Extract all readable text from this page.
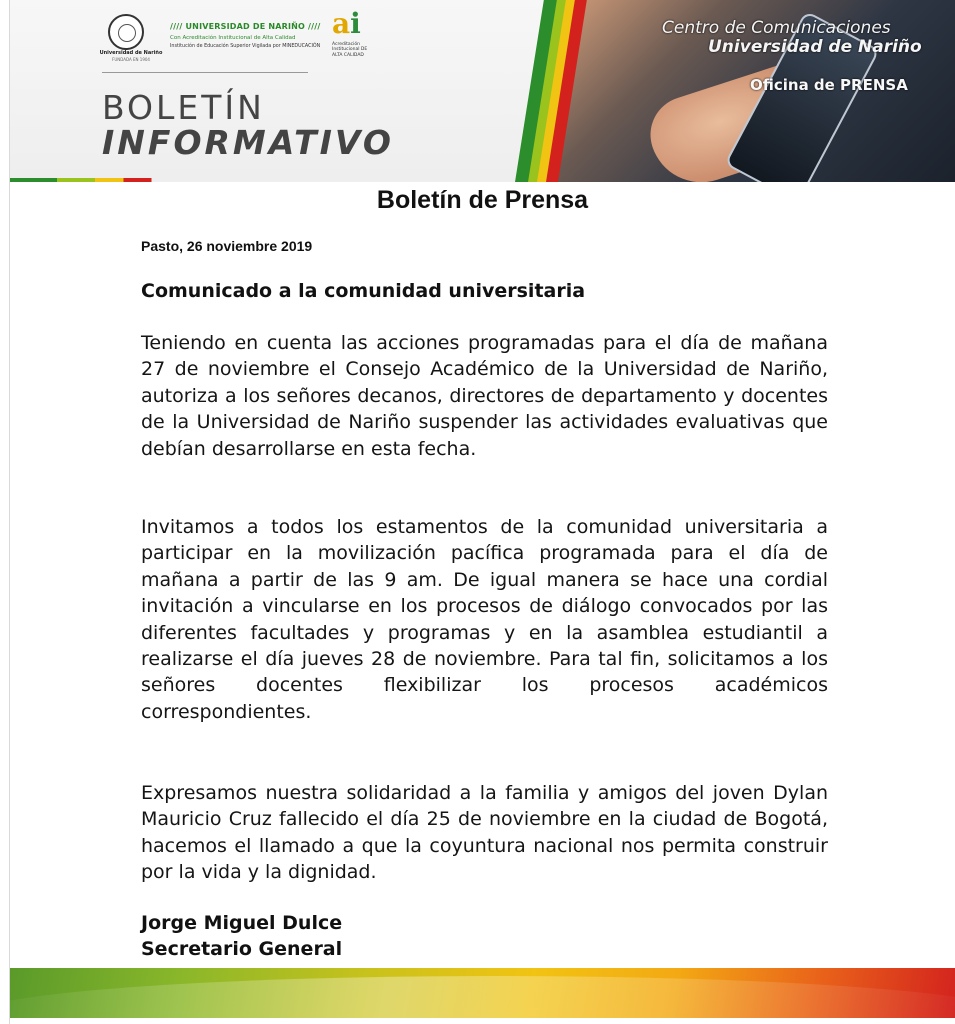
Universidad de Nariño
FUNDADA EN 1904
//// UNIVERSIDAD DE NARIÑO ////
Con Acreditación Institucional de Alta Calidad
Institución de Educación Superior Vigilada por MINEDUCACIÓN
ai
Acreditación Institucional DE ALTA CALIDAD
BOLETÍN
INFORMATIVO
Centro de Comunicaciones
Universidad de Nariño
Oficina de PRENSA
Boletín de Prensa
Pasto, 26 noviembre 2019
Comunicado a la comunidad universitaria

Teniendo en cuenta las acciones programadas para el día de mañana 27 de noviembre el Consejo Académico de la Universidad de Nariño, autoriza a los señores decanos, directores de departamento y docentes de la Universidad de Nariño suspender las actividades evaluativas que debían desarrollarse en esta fecha.

Invitamos a todos los estamentos de la comunidad universitaria a participar en la movilización pacífica programada para el día de mañana a partir de las 9 am. De igual manera se hace una cordial invitación a vincularse en los procesos de diálogo convocados por las diferentes facultades y programas y en la asamblea estudiantil a realizarse el día jueves 28 de noviembre. Para tal fin, solicitamos a los señores docentes flexibilizar los procesos académicos correspondientes.

Expresamos nuestra solidaridad a la familia y amigos del joven Dylan Mauricio Cruz fallecido el día 25 de noviembre en la ciudad de Bogotá, hacemos el llamado a que la coyuntura nacional nos permita construir por la vida y la dignidad.

Jorge Miguel Dulce
Secretario General
